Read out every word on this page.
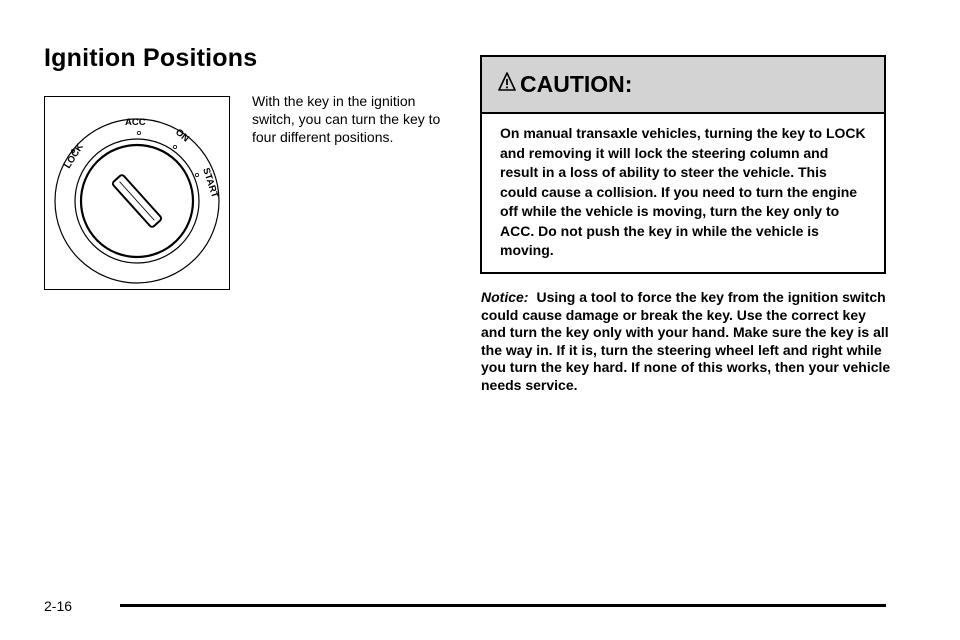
Ignition Positions
LOCK
ACC
ON
START
With the key in the ignition switch, you can turn the key to four different positions.
CAUTION:
On manual transaxle vehicles, turning the key to LOCK and removing it will lock the steering column and result in a loss of ability to steer the vehicle. This could cause a collision. If you need to turn the engine off while the vehicle is moving, turn the key only to ACC. Do not push the key in while the vehicle is moving.
Notice: Using a tool to force the key from the ignition switch could cause damage or break the key. Use the correct key and turn the key only with your hand. Make sure the key is all the way in. If it is, turn the steering wheel left and right while you turn the key hard. If none of this works, then your vehicle needs service.
2-16
